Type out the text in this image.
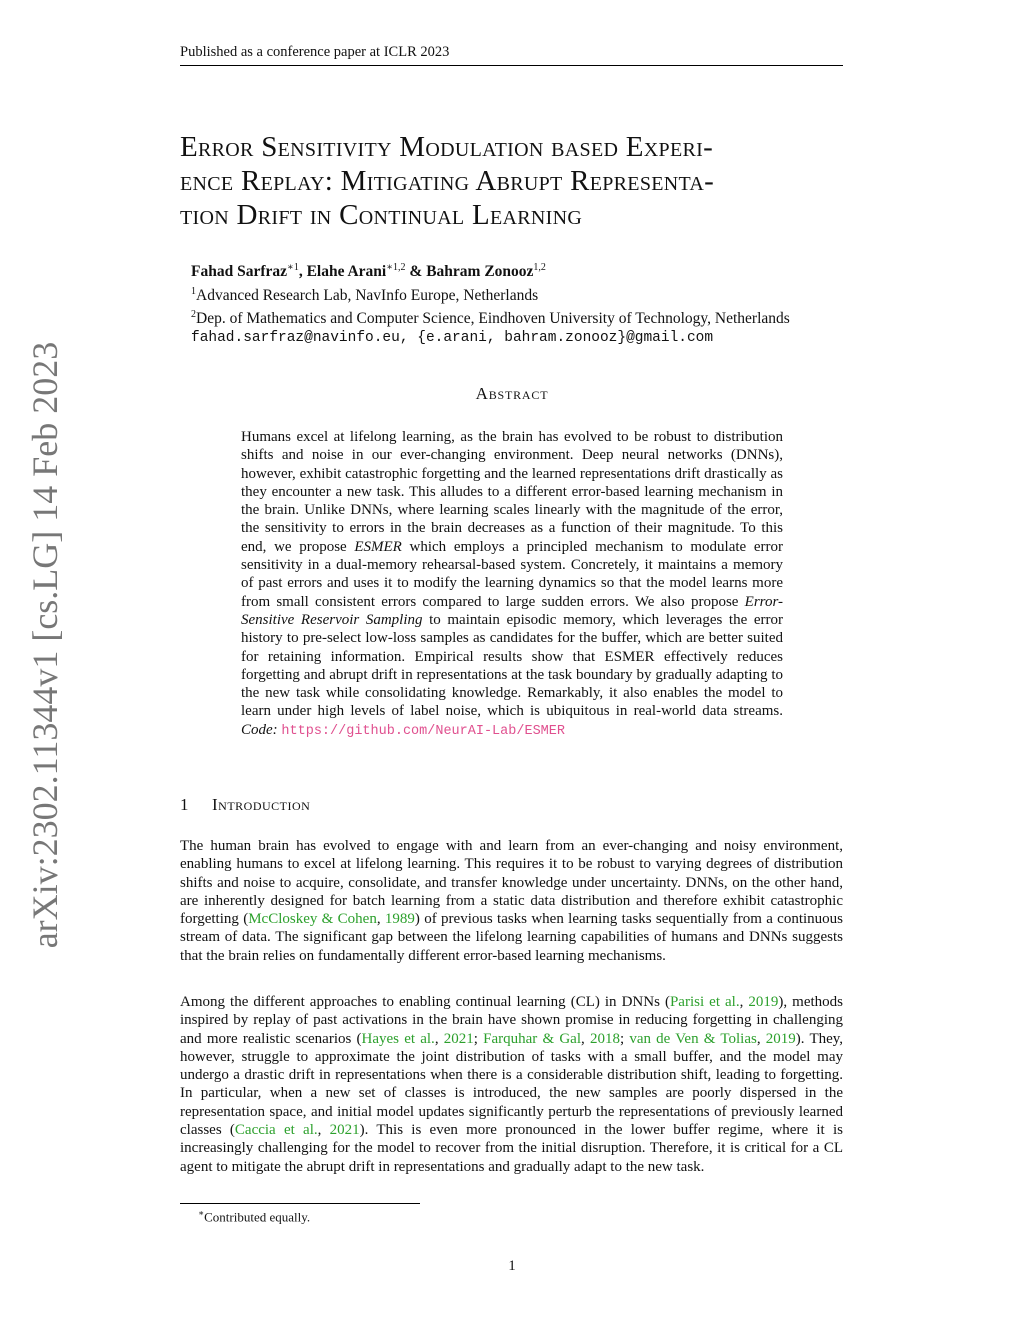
Published as a conference paper at ICLR 2023
arXiv:2302.11344v1 [cs.LG] 14 Feb 2023
Error Sensitivity Modulation based Experi-
ence Replay: Mitigating Abrupt Representa-
tion Drift in Continual Learning
Fahad Sarfraz$^{∗1}$, Elahe Arani$^{∗1,2}$ & Bahram Zonooz$^{1,2}$
$^1$Advanced Research Lab, NavInfo Europe, Netherlands
$^2$Dep. of Mathematics and Computer Science, Eindhoven University of Technology, Netherlands
fahad.sarfraz@navinfo.eu, {e.arani, bahram.zonooz}@gmail.com
Abstract
Humans excel at lifelong learning, as the brain has evolved to be robust to distribution shifts and noise in our ever-changing environment. Deep neural networks (DNNs), however, exhibit catastrophic forgetting and the learned representations drift drastically as they encounter a new task. This alludes to a different error-based learning mechanism in the brain. Unlike DNNs, where learning scales linearly with the magnitude of the error, the sensitivity to errors in the brain decreases as a function of their magnitude. To this end, we propose ESMER which employs a principled mechanism to modulate error sensitivity in a dual-memory rehearsal-based system. Concretely, it maintains a memory of past errors and uses it to modify the learning dynamics so that the model learns more from small consistent errors compared to large sudden errors. We also propose Error-Sensitive Reservoir Sampling to maintain episodic memory, which leverages the error history to pre-select low-loss samples as candidates for the buffer, which are better suited for retaining information. Empirical results show that ESMER effectively reduces forgetting and abrupt drift in representations at the task boundary by gradually adapting to the new task while consolidating knowledge. Remarkably, it also enables the model to learn under high levels of label noise, which is ubiquitous in real-world data streams. Code: https://github.com/NeurAI-Lab/ESMER
1 Introduction
The human brain has evolved to engage with and learn from an ever-changing and noisy environment, enabling humans to excel at lifelong learning. This requires it to be robust to varying degrees of distribution shifts and noise to acquire, consolidate, and transfer knowledge under uncertainty. DNNs, on the other hand, are inherently designed for batch learning from a static data distribution and therefore exhibit catastrophic forgetting (McCloskey & Cohen, 1989) of previous tasks when learning tasks sequentially from a continuous stream of data. The significant gap between the lifelong learning capabilities of humans and DNNs suggests that the brain relies on fundamentally different error-based learning mechanisms.
Among the different approaches to enabling continual learning (CL) in DNNs (Parisi et al., 2019), methods inspired by replay of past activations in the brain have shown promise in reducing forgetting in challenging and more realistic scenarios (Hayes et al., 2021; Farquhar & Gal, 2018; van de Ven & Tolias, 2019). They, however, struggle to approximate the joint distribution of tasks with a small buffer, and the model may undergo a drastic drift in representations when there is a considerable distribution shift, leading to forgetting. In particular, when a new set of classes is introduced, the new samples are poorly dispersed in the representation space, and initial model updates significantly perturb the representations of previously learned classes (Caccia et al., 2021). This is even more pronounced in the lower buffer regime, where it is increasingly challenging for the model to recover from the initial disruption. Therefore, it is critical for a CL agent to mitigate the abrupt drift in representations and gradually adapt to the new task.
∗Contributed equally.
1
